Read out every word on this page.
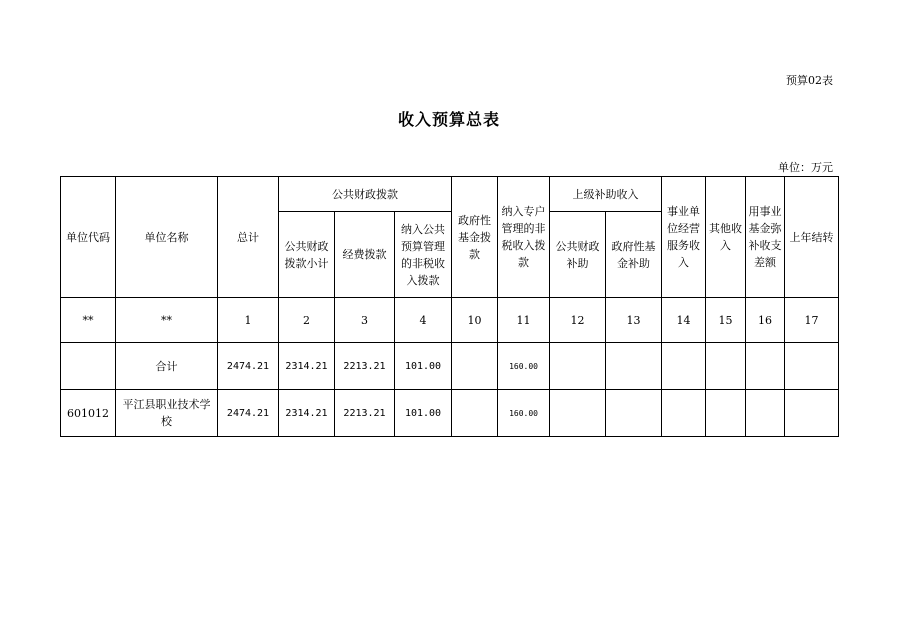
预算02表
收入预算总表
单位：万元
单位代码	单位名称	总计	公共财政拨款			政府性基金拨款	纳入专户管理的非税收入拨款	上级补助收入		事业单位经营服务收入	其他收入	用事业基金弥补收支差额	上年结转
			公共财政拨款小计	经费拨款	纳入公共预算管理的非税收入拨款			公共财政补助	政府性基金补助				
**	**	1	2	3	4	10	11	12	13	14	15	16	17
	合计	2474.21	2314.21	2213.21	101.00		160.00						
601012	平江县职业技术学校	2474.21	2314.21	2213.21	101.00		160.00						
